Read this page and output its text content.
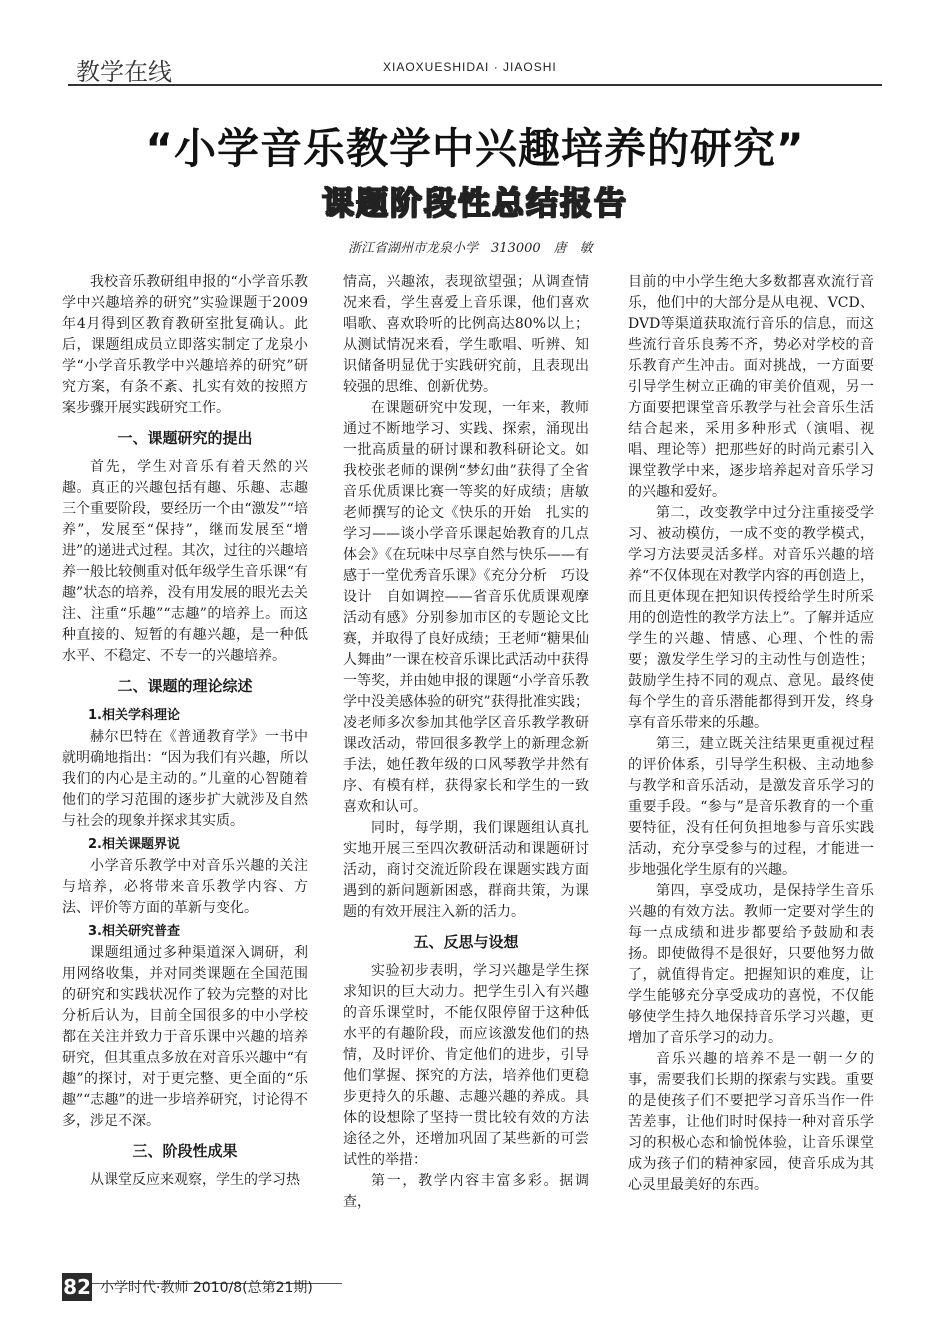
教学在线	XIAOXUESHIDAI · JIAOSHI
“小学音乐教学中兴趣培养的研究”
课题阶段性总结报告
浙江省湖州市龙泉小学　313000　唐　敏

我校音乐教研组申报的“小学音乐教学中兴趣培养的研究”实验课题于2009年4月得到区教育教研室批复确认。此后，课题组成员立即落实制定了龙泉小学“小学音乐教学中兴趣培养的研究”研究方案，有条不紊、扎实有效的按照方案步骤开展实践研究工作。

一、课题研究的提出

首先，学生对音乐有着天然的兴趣。真正的兴趣包括有趣、乐趣、志趣三个重要阶段，要经历一个由“激发”“培养”，发展至“保持”，继而发展至“增进”的递进式过程。其次，过往的兴趣培养一般比较侧重对低年级学生音乐课“有趣”状态的培养，没有用发展的眼光去关注、注重“乐趣”“志趣”的培养上。而这种直接的、短暂的有趣兴趣，是一种低水平、不稳定、不专一的兴趣培养。

二、课题的理论综述
1.相关学科理论

赫尔巴特在《普通教育学》一书中就明确地指出：“因为我们有兴趣，所以我们的内心是主动的。”儿童的心智随着他们的学习范围的逐步扩大就涉及自然与社会的现象并探求其实质。

2.相关课题界说

小学音乐教学中对音乐兴趣的关注与培养，必将带来音乐教学内容、方法、评价等方面的革新与变化。

3.相关研究普查

课题组通过多种渠道深入调研，利用网络收集，并对同类课题在全国范围的研究和实践状况作了较为完整的对比分析后认为，目前全国很多的中小学校都在关注并致力于音乐课中兴趣的培养研究，但其重点多放在对音乐兴趣中“有趣”的探讨，对于更完整、更全面的“乐趣”“志趣”的进一步培养研究，讨论得不多，涉足不深。

三、阶段性成果

从课堂反应来观察，学生的学习热

情高，兴趣浓，表现欲望强；从调查情况来看，学生喜爱上音乐课，他们喜欢唱歌、喜欢聆听的比例高达80%以上；从测试情况来看，学生歌唱、听辨、知识储备明显优于实践研究前，且表现出较强的思维、创新优势。

在课题研究中发现，一年来，教师通过不断地学习、实践、探索，涌现出一批高质量的研讨课和教科研论文。如我校张老师的课例“梦幻曲”获得了全省音乐优质课比赛一等奖的好成绩；唐敏老师撰写的论文《快乐的开始　扎实的学习——谈小学音乐课起始教育的几点体会》《在玩味中尽享自然与快乐——有感于一堂优秀音乐课》《充分分析　巧设设计　自如调控——省音乐优质课观摩活动有感》分别参加市区的专题论文比赛，并取得了良好成绩；王老师“糖果仙人舞曲”一课在校音乐课比武活动中获得一等奖，并由她申报的课题“小学音乐教学中没美感体验的研究”获得批准实践；凌老师多次参加其他学区音乐教学教研课改活动，带回很多教学上的新理念新手法，她任教年级的口风琴教学井然有序、有模有样，获得家长和学生的一致喜欢和认可。

同时，每学期，我们课题组认真扎实地开展三至四次教研活动和课题研讨活动，商讨交流近阶段在课题实践方面遇到的新问题新困惑，群商共策，为课题的有效开展注入新的活力。

五、反思与设想

实验初步表明，学习兴趣是学生探求知识的巨大动力。把学生引入有兴趣的音乐课堂时，不能仅限停留于这种低水平的有趣阶段，而应该激发他们的热情，及时评价、肯定他们的进步，引导他们掌握、探究的方法，培养他们更稳步更持久的乐趣、志趣兴趣的养成。具体的设想除了坚持一贯比较有效的方法途径之外，还增加巩固了某些新的可尝试性的举措：

第一，教学内容丰富多彩。据调查，

目前的中小学生绝大多数都喜欢流行音乐，他们中的大部分是从电视、VCD、DVD等渠道获取流行音乐的信息，而这些流行音乐良莠不齐，势必对学校的音乐教育产生冲击。面对挑战，一方面要引导学生树立正确的审美价值观，另一方面要把课堂音乐教学与社会音乐生活结合起来，采用多种形式（演唱、视唱、理论等）把那些好的时尚元素引入课堂教学中来，逐步培养起对音乐学习的兴趣和爱好。

第二，改变教学中过分注重接受学习、被动模仿，一成不变的教学模式，学习方法要灵活多样。对音乐兴趣的培养“不仅体现在对教学内容的再创造上，而且更体现在把知识传授给学生时所采用的创造性的教学方法上”。了解并适应学生的兴趣、情感、心理、个性的需要；激发学生学习的主动性与创造性；鼓励学生持不同的观点、意见。最终使每个学生的音乐潜能都得到开发，终身享有音乐带来的乐趣。

第三，建立既关注结果更重视过程的评价体系，引导学生积极、主动地参与教学和音乐活动，是激发音乐学习的重要手段。“参与”是音乐教育的一个重要特征，没有任何负担地参与音乐实践活动，充分享受参与的过程，才能进一步地强化学生原有的兴趣。

第四，享受成功，是保持学生音乐兴趣的有效方法。教师一定要对学生的每一点成绩和进步都要给予鼓励和表扬。即使做得不是很好，只要他努力做了，就值得肯定。把握知识的难度，让学生能够充分享受成功的喜悦，不仅能够使学生持久地保持音乐学习兴趣，更增加了音乐学习的动力。

音乐兴趣的培养不是一朝一夕的事，需要我们长期的探索与实践。重要的是使孩子们不要把学习音乐当作一件苦差事，让他们时时保持一种对音乐学习的积极心态和愉悦体验，让音乐课堂成为孩子们的精神家园，使音乐成为其心灵里最美好的东西。

82 小学时代·教师 2010/8(总第21期)
